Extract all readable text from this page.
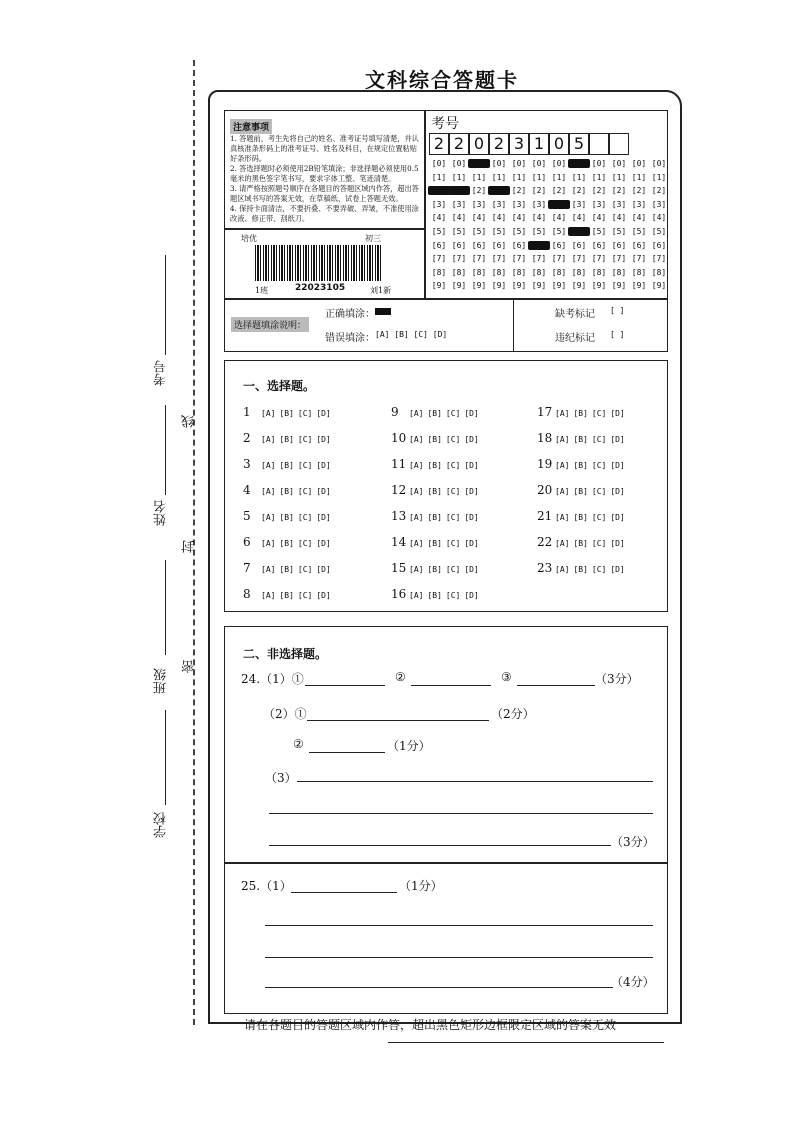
考号
线
姓名
封
班级
密
学校
文科综合答题卡
注意事项
1. 答题前，考生先将自己的姓名、准考证号填写清楚，并认真核准条形码上的准考证号、姓名及科目，在规定位置粘贴好条形码。
2. 答选择题时必须使用2B铅笔填涂；非选择题必须使用0.5毫米的黑色签字笔书写，要求字体工整、笔迹清楚。
3. 请严格按照题号顺序在各题目的答题区域内作答，超出答题区域书写的答案无效，在草稿纸、试卷上答题无效。
4. 保持卡面清洁，不要折叠、不要弄破、弄皱，不准使用涂改液、修正带、刮纸刀。
培优	初三
1班	22023105	刘1新
考号
2 2 0 2 3 1 0 5
[0] [0] [0] [0] [0] [0] [0] [0] [0] [0] [0] [0]
[1] [1] [1] [1] [1] [1] [1] [1] [1] [1] [1] [1]
[2] [2] [2] [2] [2] [2] [2] [2] [2] [2] [2] [2]
[3] [3] [3] [3] [3] [3] [3] [3] [3] [3] [3] [3]
[4] [4] [4] [4] [4] [4] [4] [4] [4] [4] [4] [4]
[5] [5] [5] [5] [5] [5] [5] [5] [5] [5] [5] [5]
[6] [6] [6] [6] [6] [6] [6] [6] [6] [6] [6] [6]
[7] [7] [7] [7] [7] [7] [7] [7] [7] [7] [7] [7]
[8] [8] [8] [8] [8] [8] [8] [8] [8] [8] [8] [8]
[9] [9] [9] [9] [9] [9] [9] [9] [9] [9] [9] [9]
选择题填涂说明：
正确填涂：
错误填涂： [A] [B] [C] [D]
缺考标记 [ ]
违纪标记 [ ]
一、选择题。
1 [A] [B] [C] [D]
2 [A] [B] [C] [D]
3 [A] [B] [C] [D]
4 [A] [B] [C] [D]
5 [A] [B] [C] [D]
6 [A] [B] [C] [D]
7 [A] [B] [C] [D]
8 [A] [B] [C] [D]
9 [A] [B] [C] [D]
10 [A] [B] [C] [D]
11 [A] [B] [C] [D]
12 [A] [B] [C] [D]
13 [A] [B] [C] [D]
14 [A] [B] [C] [D]
15 [A] [B] [C] [D]
16 [A] [B] [C] [D]
17 [A] [B] [C] [D]
18 [A] [B] [C] [D]
19 [A] [B] [C] [D]
20 [A] [B] [C] [D]
21 [A] [B] [C] [D]
22 [A] [B] [C] [D]
23 [A] [B] [C] [D]
二、非选择题。
24.（1）①	②	③	（3分）
（2）①	（2分）
②	（1分）
（3）
（3分）
25.（1）	（1分）
（4分）
请在各题目的答题区域内作答，超出黑色矩形边框限定区域的答案无效
